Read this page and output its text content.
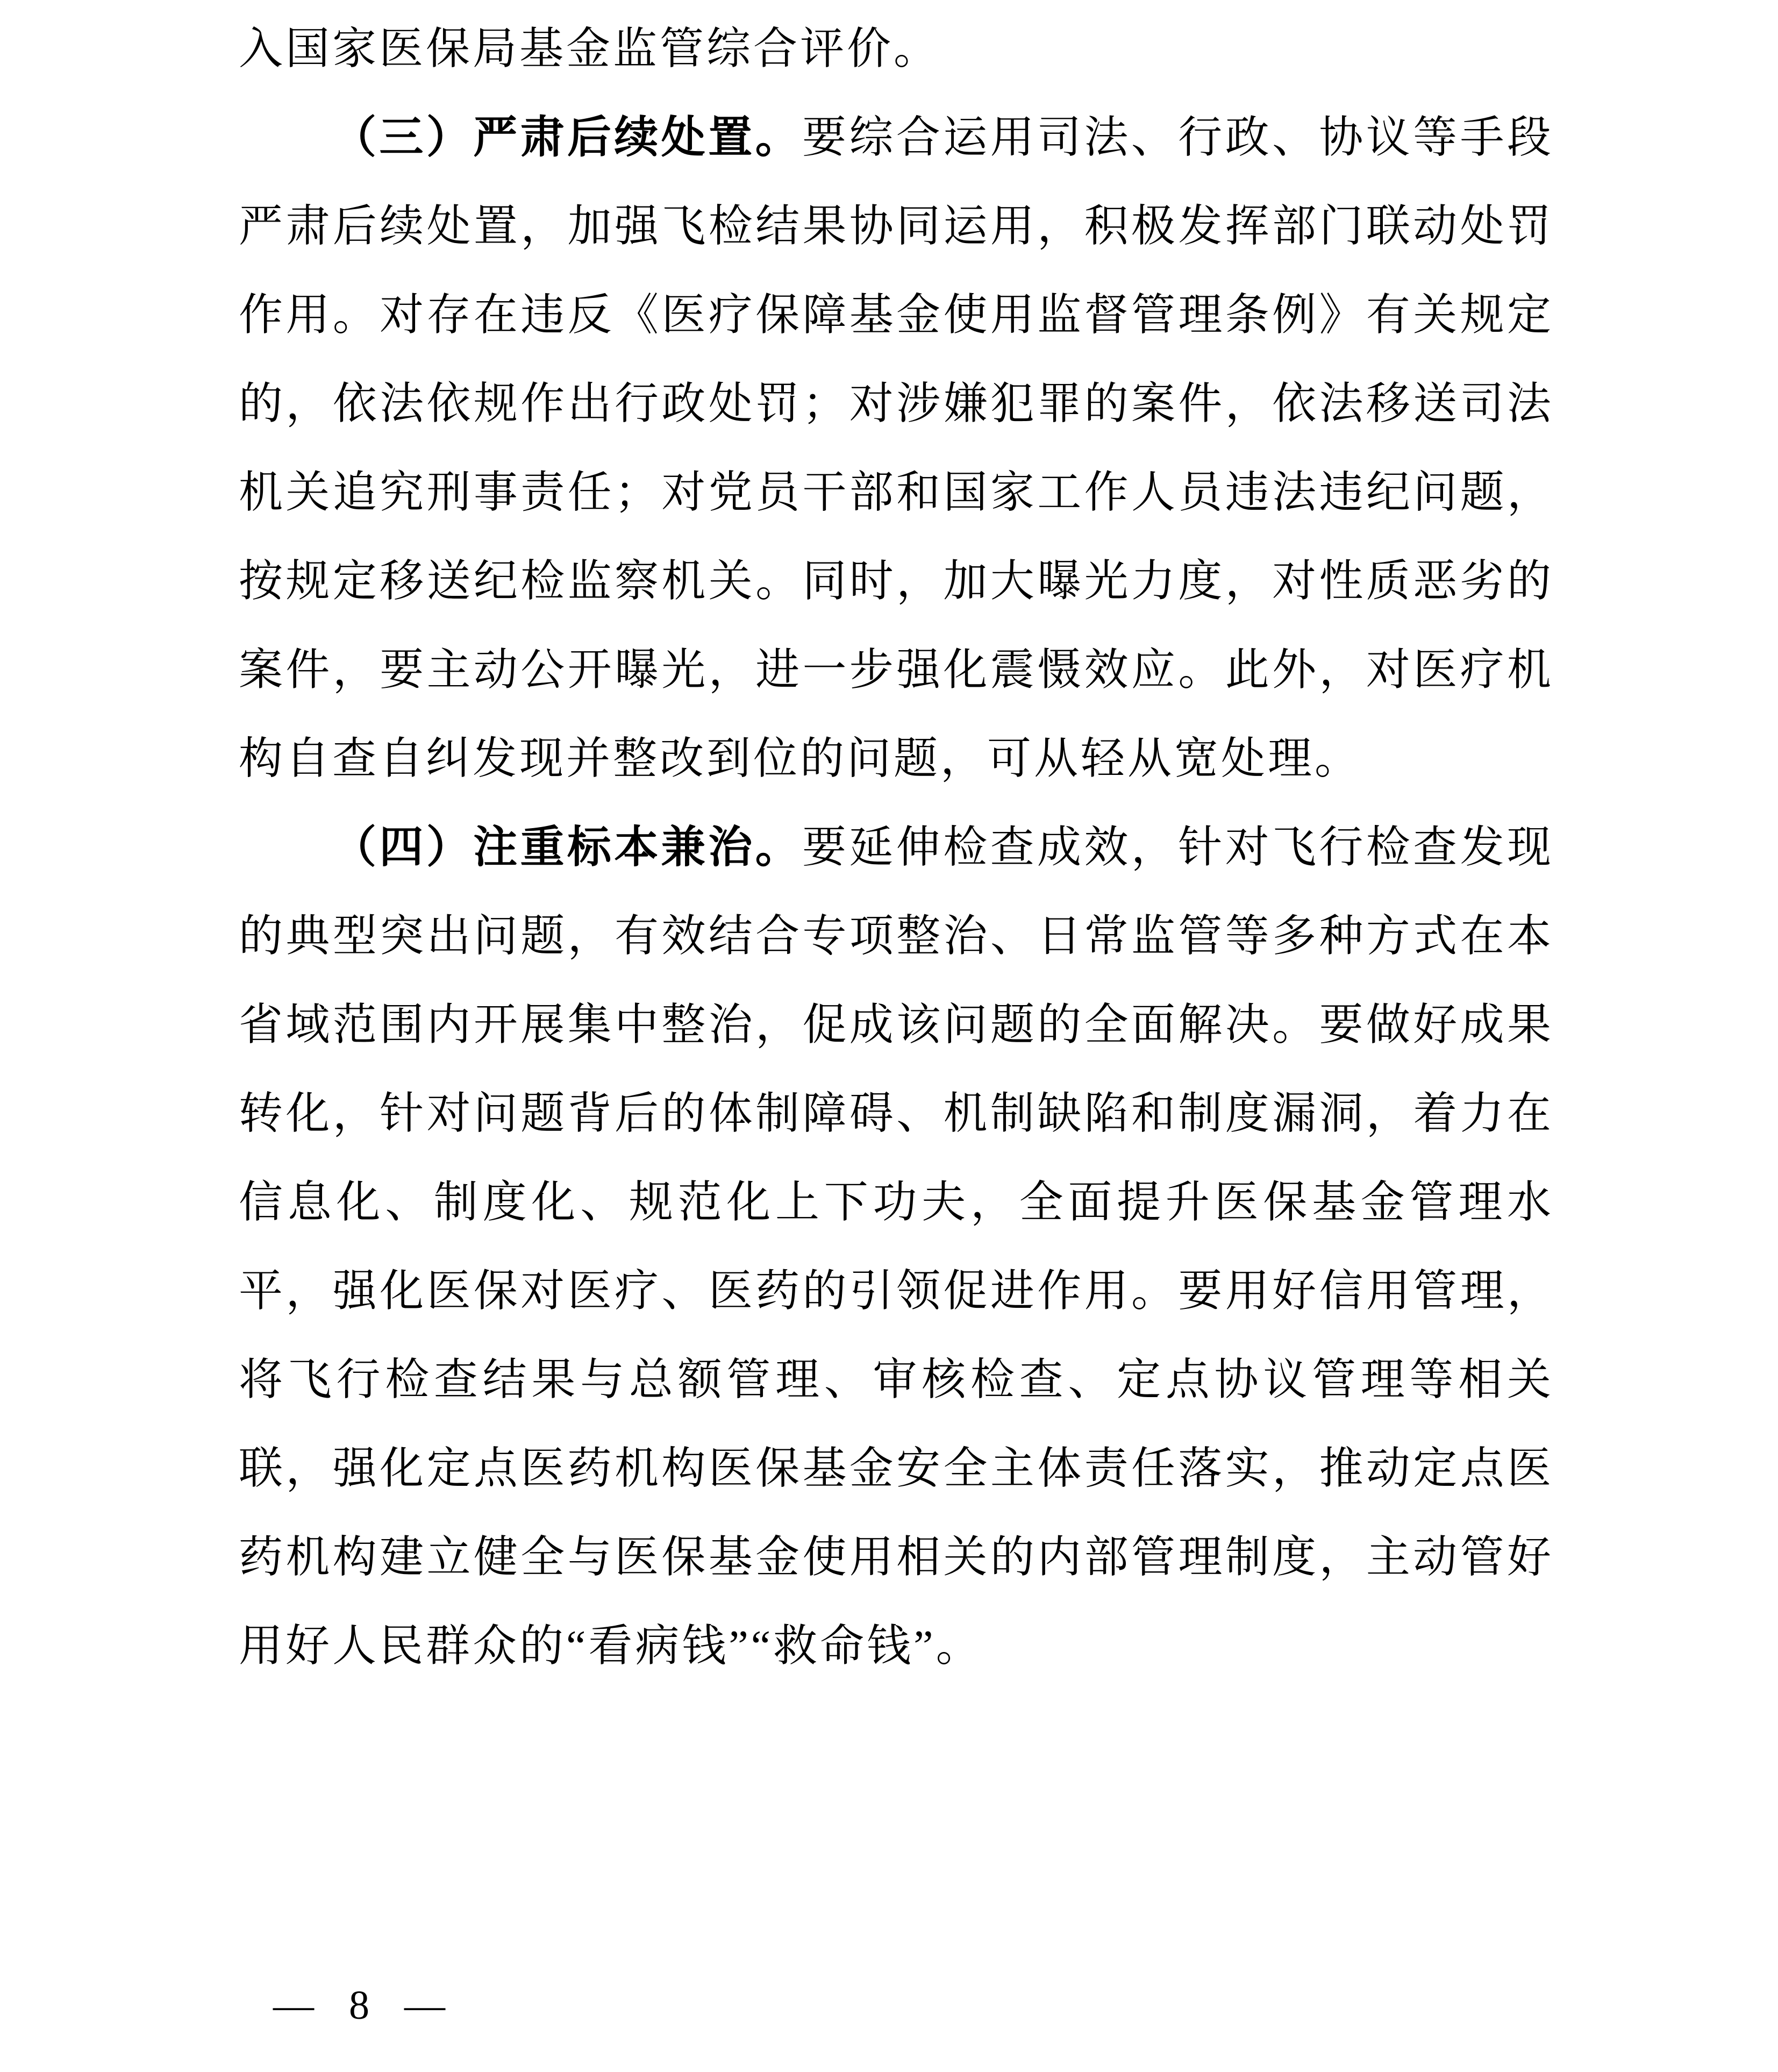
入国家医保局基金监管综合评价。
（三）严肃后续处置。要综合运用司法、行政、协议等手段
严肃后续处置，加强飞检结果协同运用，积极发挥部门联动处罚
作用。对存在违反《医疗保障基金使用监督管理条例》有关规定
的，依法依规作出行政处罚；对涉嫌犯罪的案件，依法移送司法
机关追究刑事责任；对党员干部和国家工作人员违法违纪问题，
按规定移送纪检监察机关。同时，加大曝光力度，对性质恶劣的
案件，要主动公开曝光，进一步强化震慑效应。此外，对医疗机
构自查自纠发现并整改到位的问题，可从轻从宽处理。
（四）注重标本兼治。要延伸检查成效，针对飞行检查发现
的典型突出问题，有效结合专项整治、日常监管等多种方式在本
省域范围内开展集中整治，促成该问题的全面解决。要做好成果
转化，针对问题背后的体制障碍、机制缺陷和制度漏洞，着力在
信息化、制度化、规范化上下功夫，全面提升医保基金管理水
平，强化医保对医疗、医药的引领促进作用。要用好信用管理，
将飞行检查结果与总额管理、审核检查、定点协议管理等相关
联，强化定点医药机构医保基金安全主体责任落实，推动定点医
药机构建立健全与医保基金使用相关的内部管理制度，主动管好
用好人民群众的“看病钱”“救命钱”。
— 8 —
